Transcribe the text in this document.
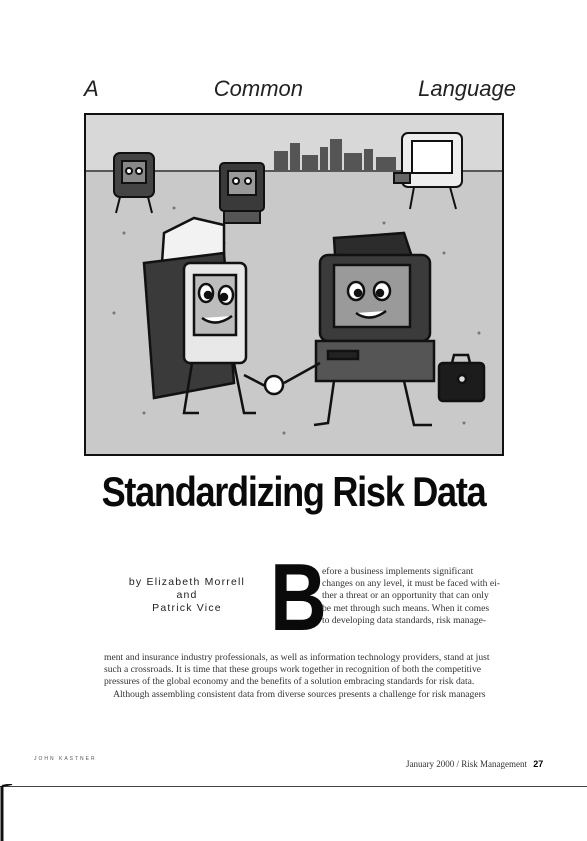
A	Common	Language
Standardizing Risk Data
by Elizabeth Morrell
and
Patrick Vice B
efore a business implements significant
changes on any level, it must be faced with ei-
ther a threat or an opportunity that can only
be met through such means. When it comes
to developing data standards, risk manage-
ment and insurance industry professionals, as well as information technology providers, stand at just
such a crossroads. It is time that these groups work together in recognition of both the competitive
pressures of the global economy and the benefits of a solution embracing standards for risk data.
Although assembling consistent data from diverse sources presents a challenge for risk managers
JOHN KASTNER	January 2000 / Risk Management 27
